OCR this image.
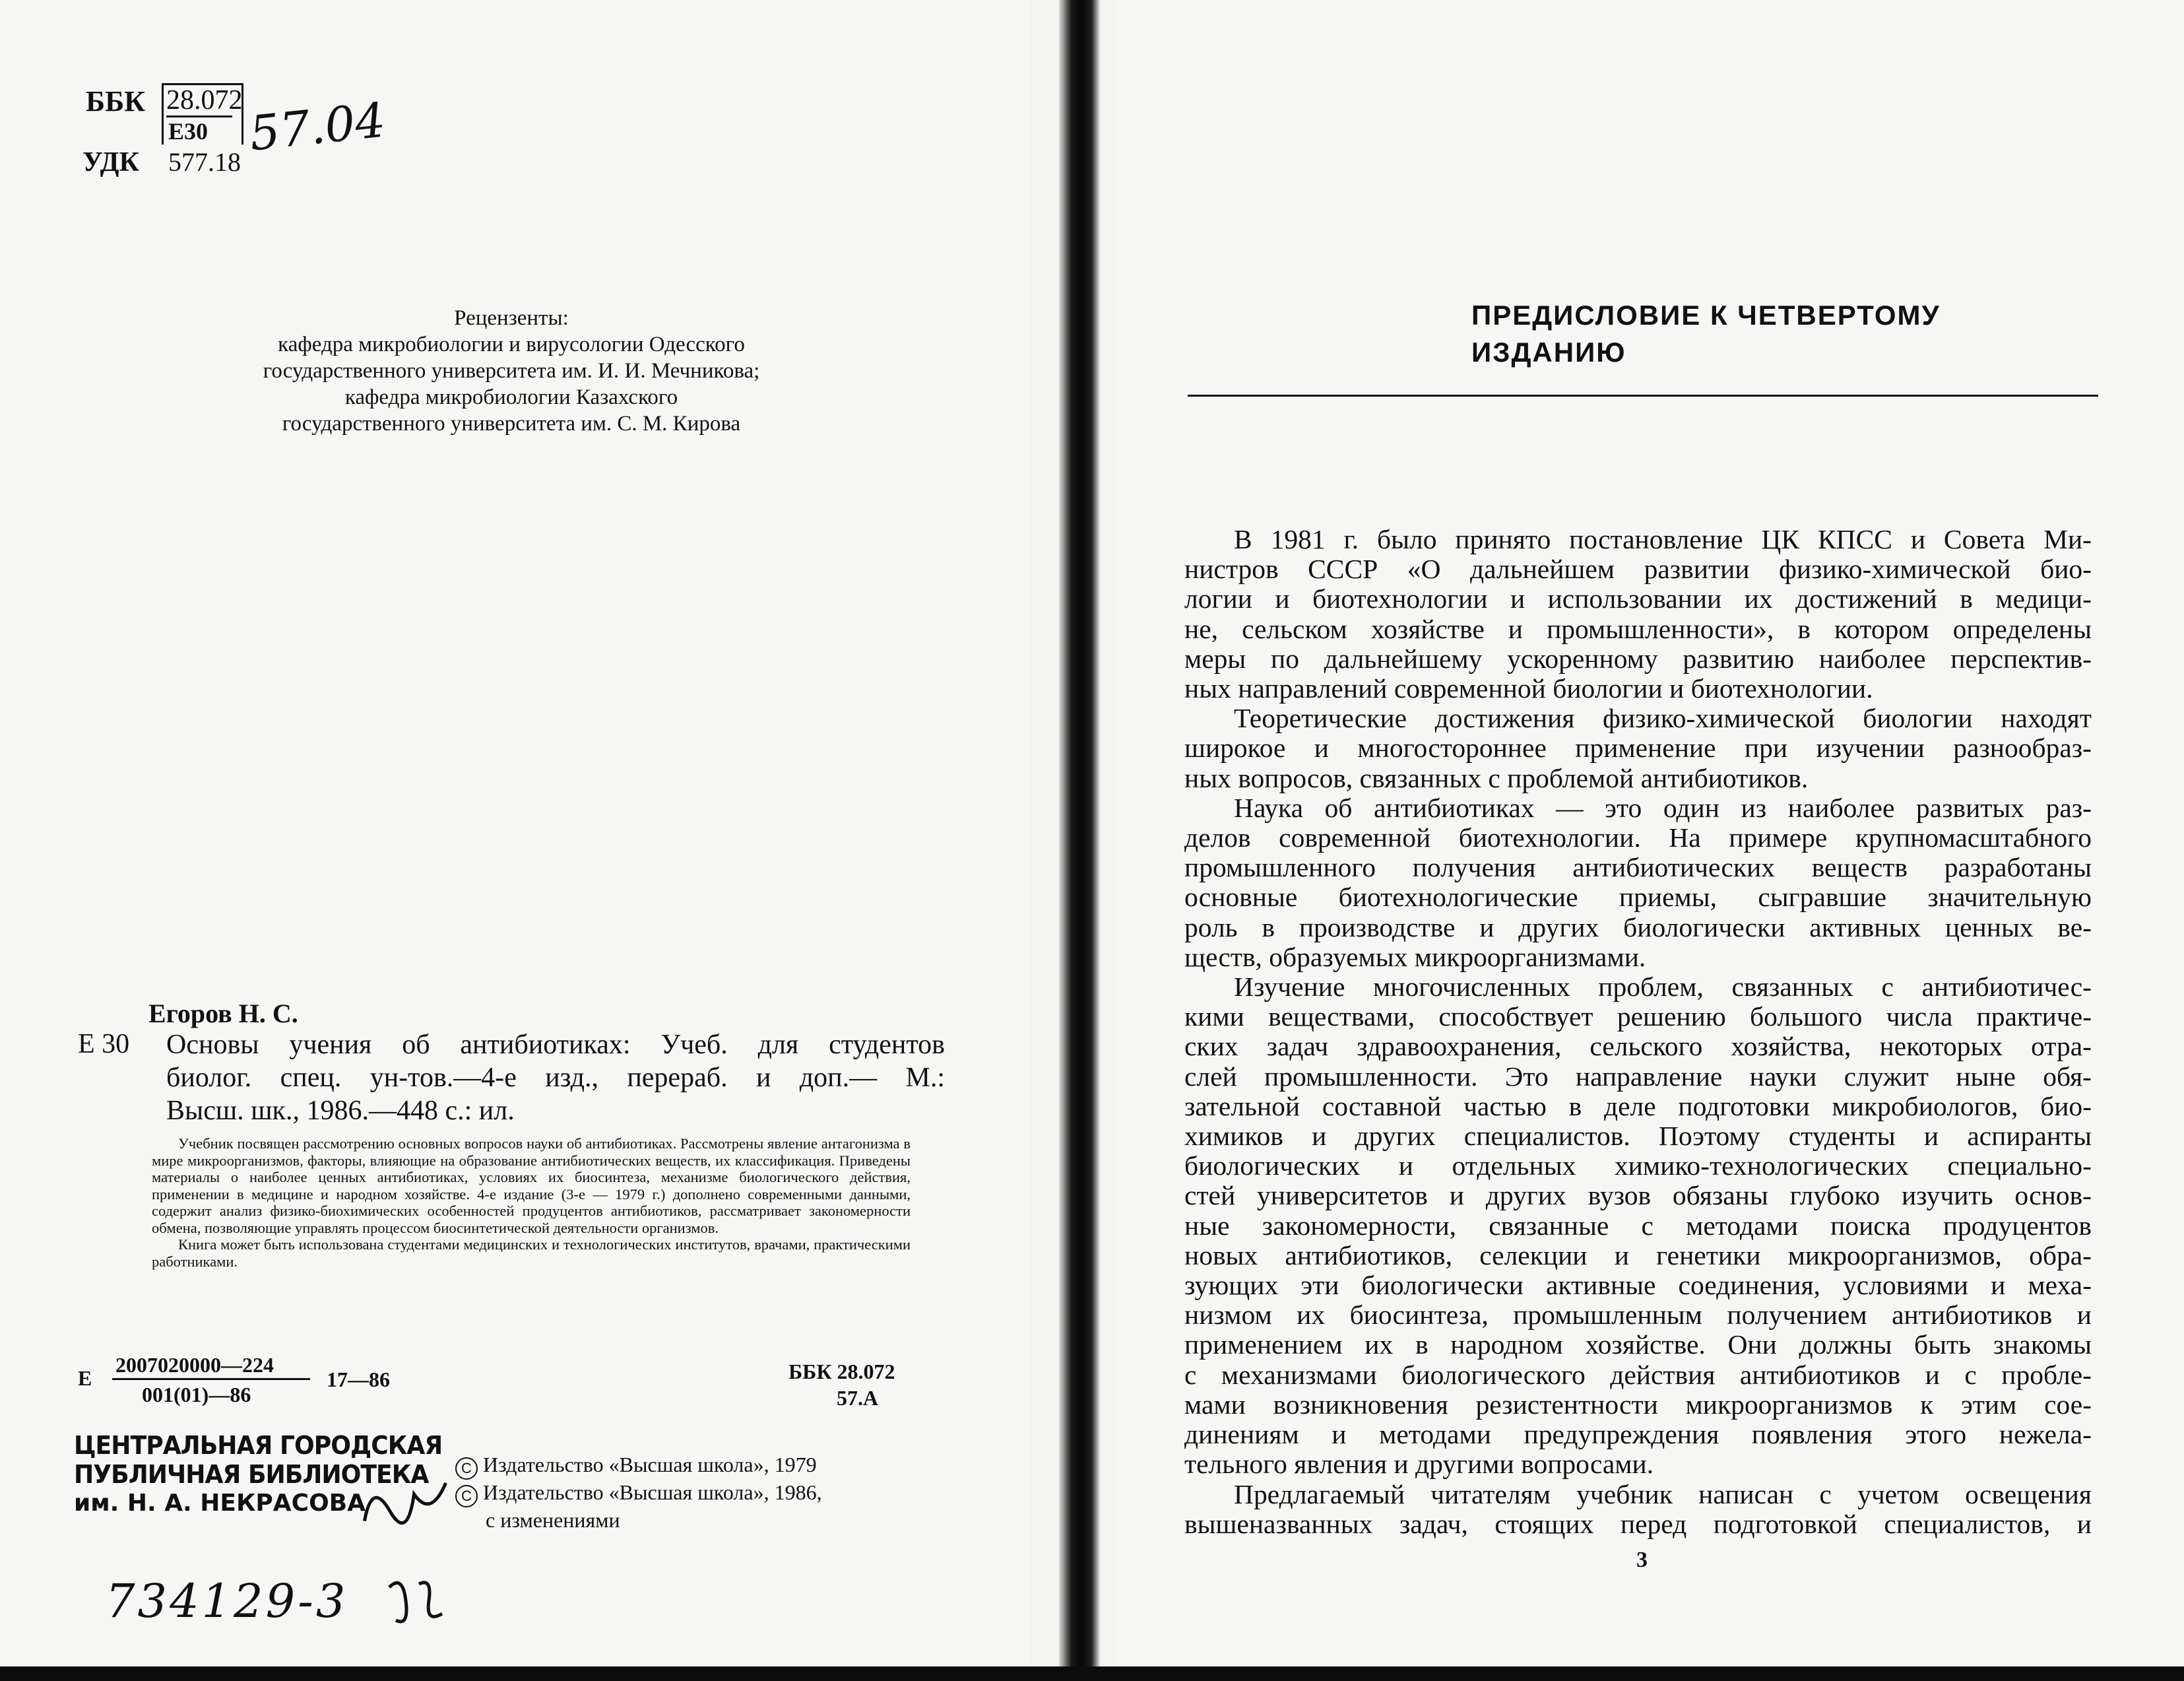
ББК 28.072
Е30 57.04
УДК 577.18
Рецензенты:
кафедра микробиологии и вирусологии Одесского
государственного университета им. И. И. Мечникова;
кафедра микробиологии Казахского
государственного университета им. С. М. Кирова
Егоров Н. С.
Е 30 Основы учения об антибиотиках: Учеб. для студентов
биолог. спец. ун-тов.—4-е изд., перераб. и доп.— М.:
Высш. шк., 1986.—448 с.: ил.

Учебник посвящен рассмотрению основных вопросов науки об антибиотиках. Рассмотрены явление антагонизма в мире микроорганизмов, факторы, влияющие на образование антибиотических веществ, их классификация. Приведены материалы о наиболее ценных антибиотиках, условиях их биосинтеза, механизме биологического действия, применении в медицине и народном хозяйстве. 4-е издание (3-е — 1979 г.) дополнено современными данными, содержит анализ физико-биохимических особенностей продуцентов антибиотиков, рассматривает закономерности обмена, позволяющие управлять процессом биосинтетической деятельности организмов.

Книга может быть использована студентами медицинских и технологических институтов, врачами, практическими работниками.

Е
2007020000—224
001(01)—86
17—86	ББК 28.072
57.А
ЦЕНТРАЛЬНАЯ ГОРОДСКАЯ
ПУБЛИЧНАЯ БИБЛИОТЕКА
им. Н. А. НЕКРАСОВА
734129-3
С Издательство «Высшая школа», 1979
С Издательство «Высшая школа», 1986,
с изменениями
ПРЕДИСЛОВИЕ К ЧЕТВЕРТОМУ
ИЗДАНИЮ
В 1981 г. было принято постановление ЦК КПСС и Совета Ми-
нистров СССР «О дальнейшем развитии физико-химической био-
логии и биотехнологии и использовании их достижений в медици-
не, сельском хозяйстве и промышленности», в котором определены
меры по дальнейшему ускоренному развитию наиболее перспектив-
ных направлений современной биологии и биотехнологии.
Теоретические достижения физико-химической биологии находят
широкое и многостороннее применение при изучении разнообраз-
ных вопросов, связанных с проблемой антибиотиков.
Наука об антибиотиках — это один из наиболее развитых раз-
делов современной биотехнологии. На примере крупномасштабного
промышленного получения антибиотических веществ разработаны
основные биотехнологические приемы, сыгравшие значительную
роль в производстве и других биологически активных ценных ве-
ществ, образуемых микроорганизмами.
Изучение многочисленных проблем, связанных с антибиотичес-
кими веществами, способствует решению большого числа практиче-
ских задач здравоохранения, сельского хозяйства, некоторых отра-
слей промышленности. Это направление науки служит ныне обя-
зательной составной частью в деле подготовки микробиологов, био-
химиков и других специалистов. Поэтому студенты и аспиранты
биологических и отдельных химико-технологических специально-
стей университетов и других вузов обязаны глубоко изучить основ-
ные закономерности, связанные с методами поиска продуцентов
новых антибиотиков, селекции и генетики микроорганизмов, обра-
зующих эти биологически активные соединения, условиями и меха-
низмом их биосинтеза, промышленным получением антибиотиков и
применением их в народном хозяйстве. Они должны быть знакомы
с механизмами биологического действия антибиотиков и с пробле-
мами возникновения резистентности микроорганизмов к этим сое-
динениям и методами предупреждения появления этого нежела-
тельного явления и другими вопросами.
Предлагаемый читателям учебник написан с учетом освещения
вышеназванных задач, стоящих перед подготовкой специалистов, и
3
